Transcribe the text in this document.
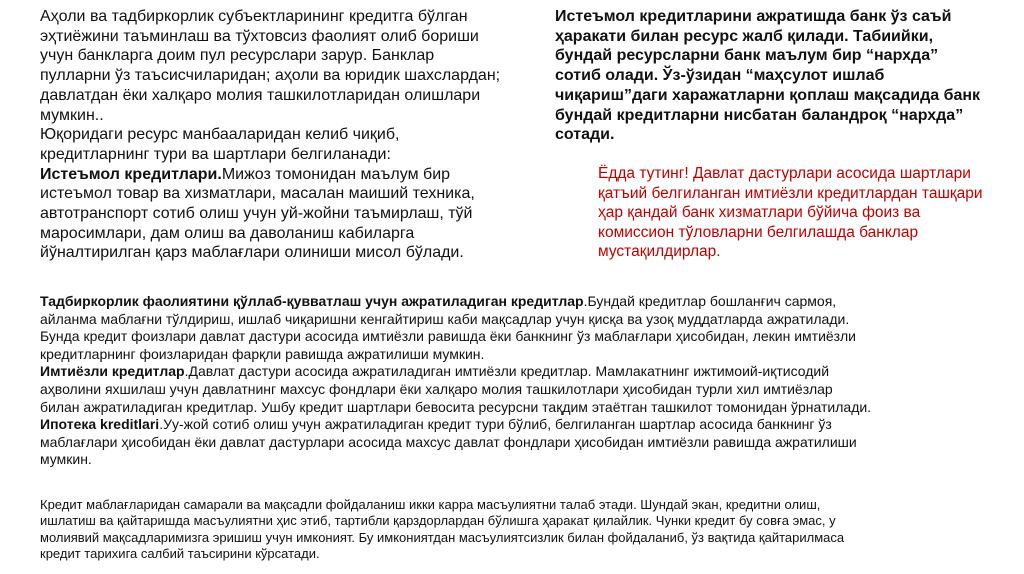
Аҳоли ва тадбиркорлик субъектларининг кредитга бўлган
эҳтиёжини таъминлаш ва тўхтовсиз фаолият олиб бориши
учун банкларга доим пул ресурслари зарур. Банклар
пулларни ўз таъсисчиларидан; аҳоли ва юридик шахслардан;
давлатдан ёки халқаро молия ташкилотларидан олишлари
мумкин..
Юқоридаги ресурс манбааларидан келиб чиқиб,
кредитларнинг тури ва шартлари белгиланади:
Истеъмол кредитлари.Мижоз томонидан маълум бир
истеъмол товар ва хизматлари, масалан маиший техника,
автотранспорт сотиб олиш учун уй-жойни таъмирлаш, тўй
маросимлари, дам олиш ва даволаниш кабиларга
йўналтирилган қарз маблағлари олиниши мисол бўлади.
Истеъмол кредитларини ажратишда банк ўз саъй
ҳаракати билан ресурс жалб қилади. Табиийки,
бундай ресурсларни банк маълум бир “нархда”
сотиб олади. Ўз-ўзидан “маҳсулот ишлаб
чиқариш”даги харажатларни қоплаш мақсадида банк
бундай кредитларни нисбатан баландроқ “нархда”
сотади.
Ёдда тутинг! Давлат дастурлари асосида шартлари
қатъий белгиланган имтиёзли кредитлардан ташқари
ҳар қандай банк хизматлари бўйича фоиз ва
комиссион тўловларни белгилашда банклар
мустақилдирлар.
Тадбиркорлик фаолиятини қўллаб-қувватлаш учун ажратиладиган кредитлар.Бундай кредитлар бошланғич сармоя,
айланма маблағни тўлдириш, ишлаб чиқаришни кенгайтириш каби мақсадлар учун қисқа ва узоқ муддатларда ажратилади.
Бунда кредит фоизлари давлат дастури асосида имтиёзли равишда ёки банкнинг ўз маблағлари ҳисобидан, лекин имтиёзли
кредитларнинг фоизларидан фарқли равишда ажратилиши мумкин.
Имтиёзли кредитлар.Давлат дастури асосида ажратиладиган имтиёзли кредитлар. Мамлакатнинг ижтимоий-иқтисодий
аҳволини яхшилаш учун давлатнинг махсус фондлари ёки халқаро молия ташкилотлари ҳисобидан турли хил имтиёзлар
билан ажратиладиган кредитлар. Ушбу кредит шартлари бевосита ресурсни тақдим этаётган ташкилот томонидан ўрнатилади.
Ипотека kreditlari.Уy-жой сотиб олиш учун ажратиладиган кредит тури бўлиб, белгиланган шартлар асосида банкнинг ўз
маблағлари ҳисобидан ёки давлат дастурлари асосида махсус давлат фондлари ҳисобидан имтиёзли равишда ажратилиши
мумкин.
Кредит маблағларидан самарали ва мақсадли фойдаланиш икки карра масъулиятни талаб этади. Шундай экан, кредитни олиш,
ишлатиш ва қайтаришда масъулиятни ҳис этиб, тартибли қарздорлардан бўлишга ҳаракат қилайлик. Чунки кредит бу совға эмас, у
молиявий мақсадларимизга эришиш учун имконият. Бу имкониятдан масъулиятсизлик билан фойдаланиб, ўз вақтида қайтарилмаса
кредит тарихига салбий таъсирини кўрсатади.
